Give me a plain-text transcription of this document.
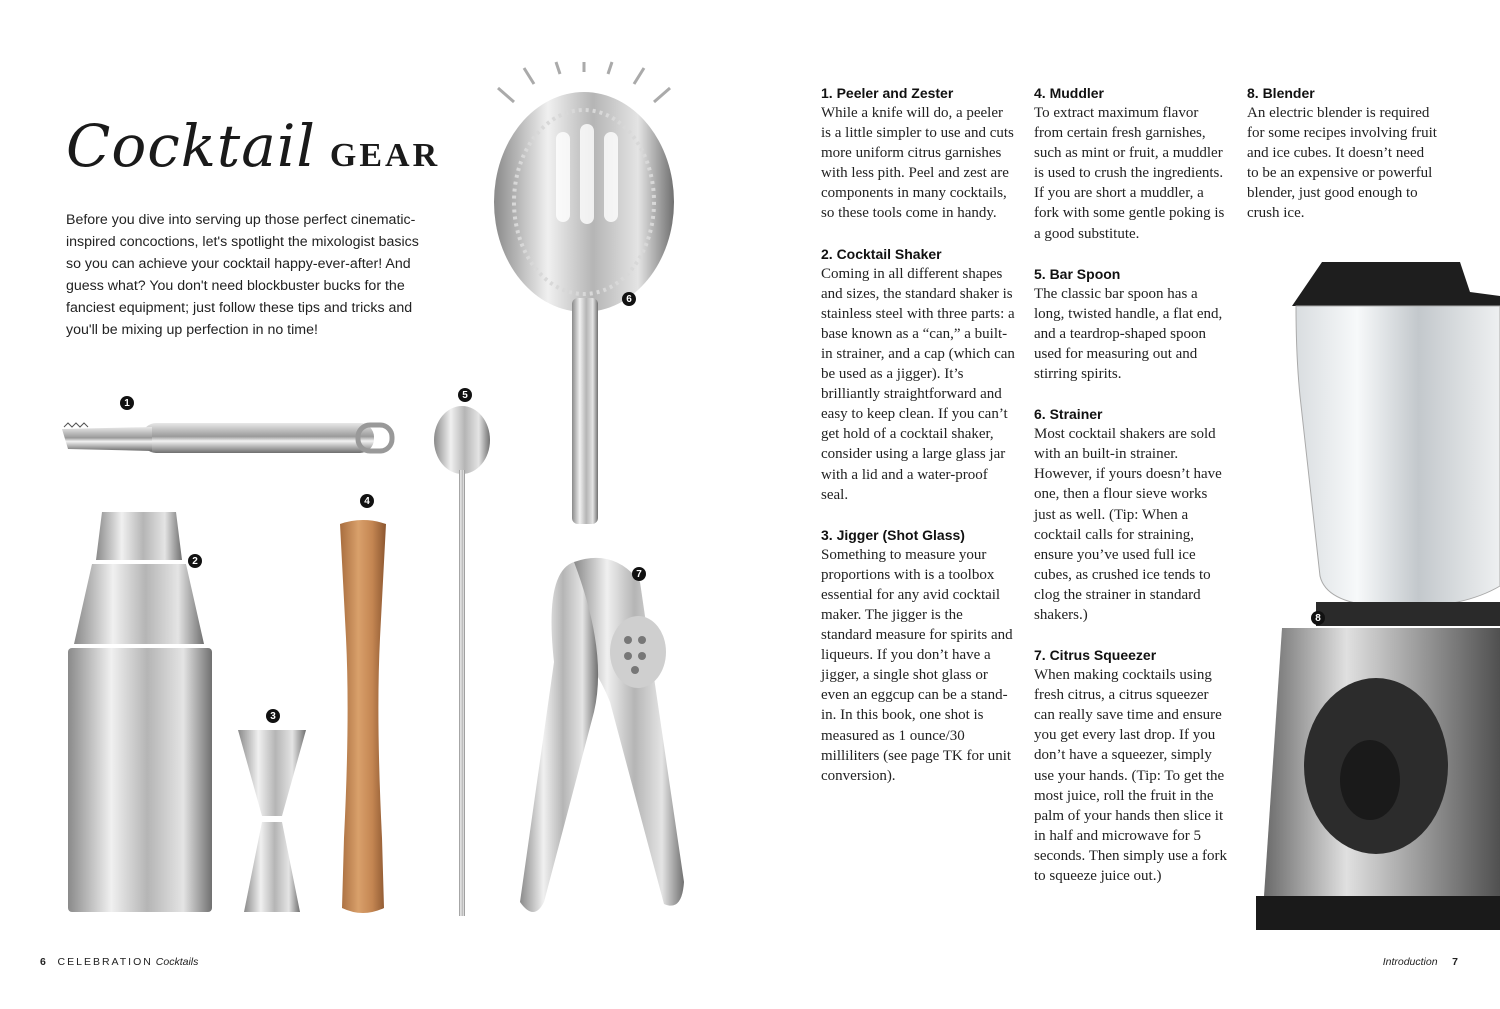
Cocktail GEAR

Before you dive into serving up those perfect cinematic-inspired concoctions, let's spotlight the mixologist basics so you can achieve your cocktail happy-ever-after! And guess what? You don't need blockbuster bucks for the fanciest equipment; just follow these tips and tricks and you'll be mixing up perfection in no time!

1
2
3
4
5
6
7
8
1. Peeler and Zester

While a knife will do, a peeler is a little simpler to use and cuts more uniform citrus garnishes with less pith. Peel and zest are components in many cocktails, so these tools come in handy.

2. Cocktail Shaker

Coming in all different shapes and sizes, the standard shaker is stainless steel with three parts: a base known as a “can,” a built-in strainer, and a cap (which can be used as a jigger). It’s brilliantly straightforward and easy to keep clean. If you can’t get hold of a cocktail shaker, consider using a large glass jar with a lid and a water-proof seal.

3. Jigger (Shot Glass)

Something to measure your proportions with is a toolbox essential for any avid cocktail maker. The jigger is the standard measure for spirits and liqueurs. If you don’t have a jigger, a single shot glass or even an eggcup can be a stand-in. In this book, one shot is measured as 1 ounce/30 milliliters (see page TK for unit conversion).

4. Muddler

To extract maximum flavor from certain fresh garnishes, such as mint or fruit, a muddler is used to crush the ingredients. If you are short a muddler, a fork with some gentle poking is a good substitute.

5. Bar Spoon

The classic bar spoon has a long, twisted handle, a flat end, and a teardrop-shaped spoon used for measuring out and stirring spirits.

6. Strainer

Most cocktail shakers are sold with an built-in strainer. However, if yours doesn’t have one, then a flour sieve works just as well. (Tip: When a cocktail calls for straining, ensure you’ve used full ice cubes, as crushed ice tends to clog the strainer in standard shakers.)

7. Citrus Squeezer

When making cocktails using fresh citrus, a citrus squeezer can really save time and ensure you get every last drop. If you don’t have a squeezer, simply use your hands. (Tip: To get the most juice, roll the fruit in the palm of your hands then slice it in half and microwave for 5 seconds. Then simply use a fork to squeeze juice out.)

8. Blender

An electric blender is required for some recipes involving fruit and ice cubes. It doesn’t need to be an expensive or powerful blender, just good enough to crush ice.

6 CELEBRATION Cocktails	Introduction 7
